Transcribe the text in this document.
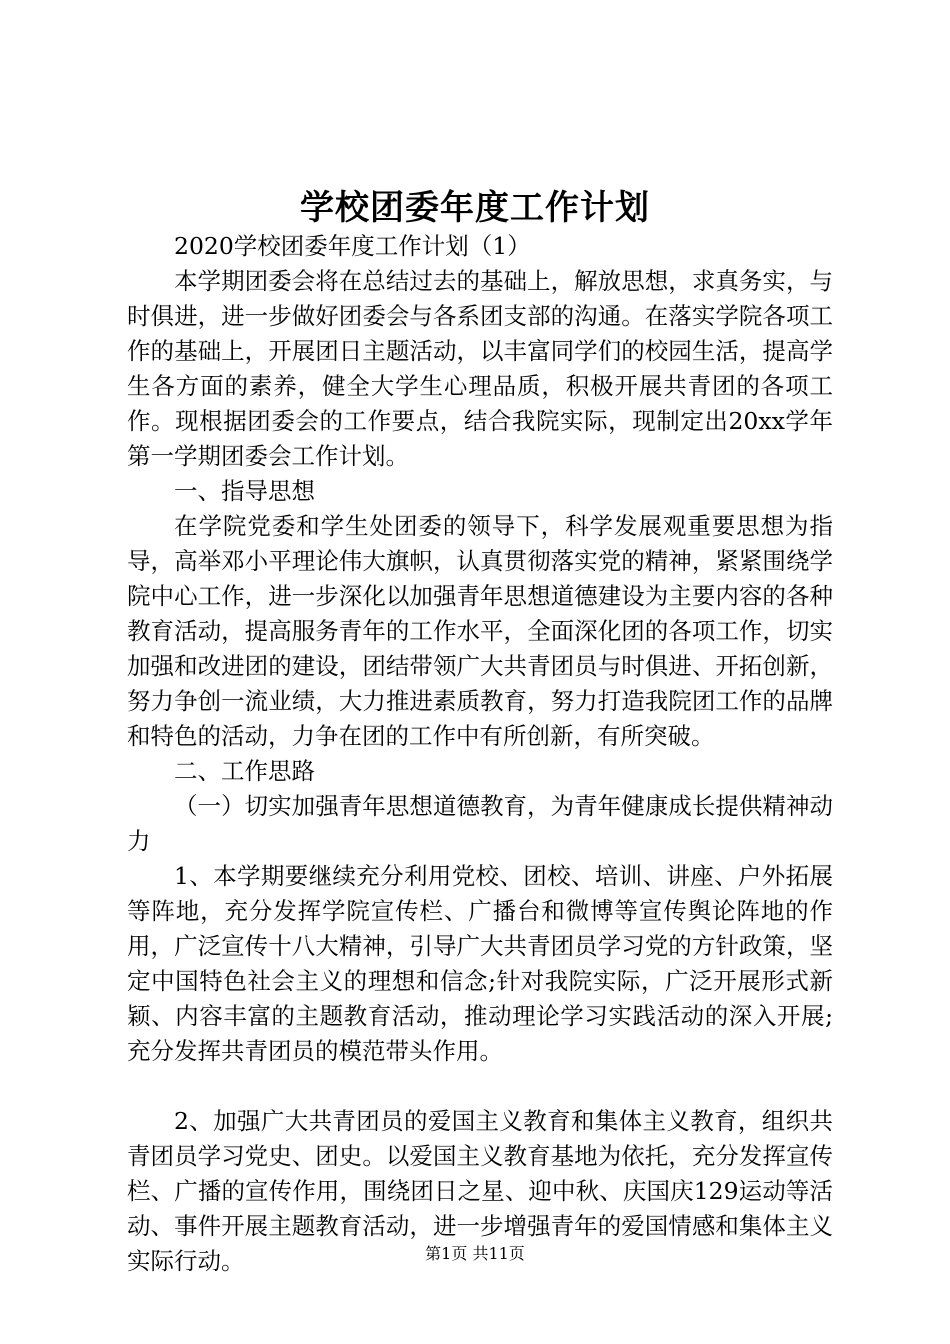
学校团委年度工作计划

2020学校团委年度工作计划（1）

本学期团委会将在总结过去的基础上，解放思想，求真务实，与时俱进，进一步做好团委会与各系团支部的沟通。在落实学院各项工作的基础上，开展团日主题活动，以丰富同学们的校园生活，提高学生各方面的素养，健全大学生心理品质，积极开展共青团的各项工作。现根据团委会的工作要点，结合我院实际，现制定出20xx学年第一学期团委会工作计划。

一、指导思想

在学院党委和学生处团委的领导下，科学发展观重要思想为指导，高举邓小平理论伟大旗帜，认真贯彻落实党的精神，紧紧围绕学院中心工作，进一步深化以加强青年思想道德建设为主要内容的各种教育活动，提高服务青年的工作水平，全面深化团的各项工作，切实加强和改进团的建设，团结带领广大共青团员与时俱进、开拓创新，努力争创一流业绩，大力推进素质教育，努力打造我院团工作的品牌和特色的活动，力争在团的工作中有所创新，有所突破。

二、工作思路

（一）切实加强青年思想道德教育，为青年健康成长提供精神动力

1、本学期要继续充分利用党校、团校、培训、讲座、户外拓展等阵地，充分发挥学院宣传栏、广播台和微博等宣传舆论阵地的作用，广泛宣传十八大精神，引导广大共青团员学习党的方针政策，坚定中国特色社会主义的理想和信念;针对我院实际，广泛开展形式新颖、内容丰富的主题教育活动，推动理论学习实践活动的深入开展;充分发挥共青团员的模范带头作用。

2、加强广大共青团员的爱国主义教育和集体主义教育，组织共青团员学习党史、团史。以爱国主义教育基地为依托，充分发挥宣传栏、广播的宣传作用，围绕团日之星、迎中秋、庆国庆129运动等活动、事件开展主题教育活动，进一步增强青年的爱国情感和集体主义实际行动。	第1页 共11页
